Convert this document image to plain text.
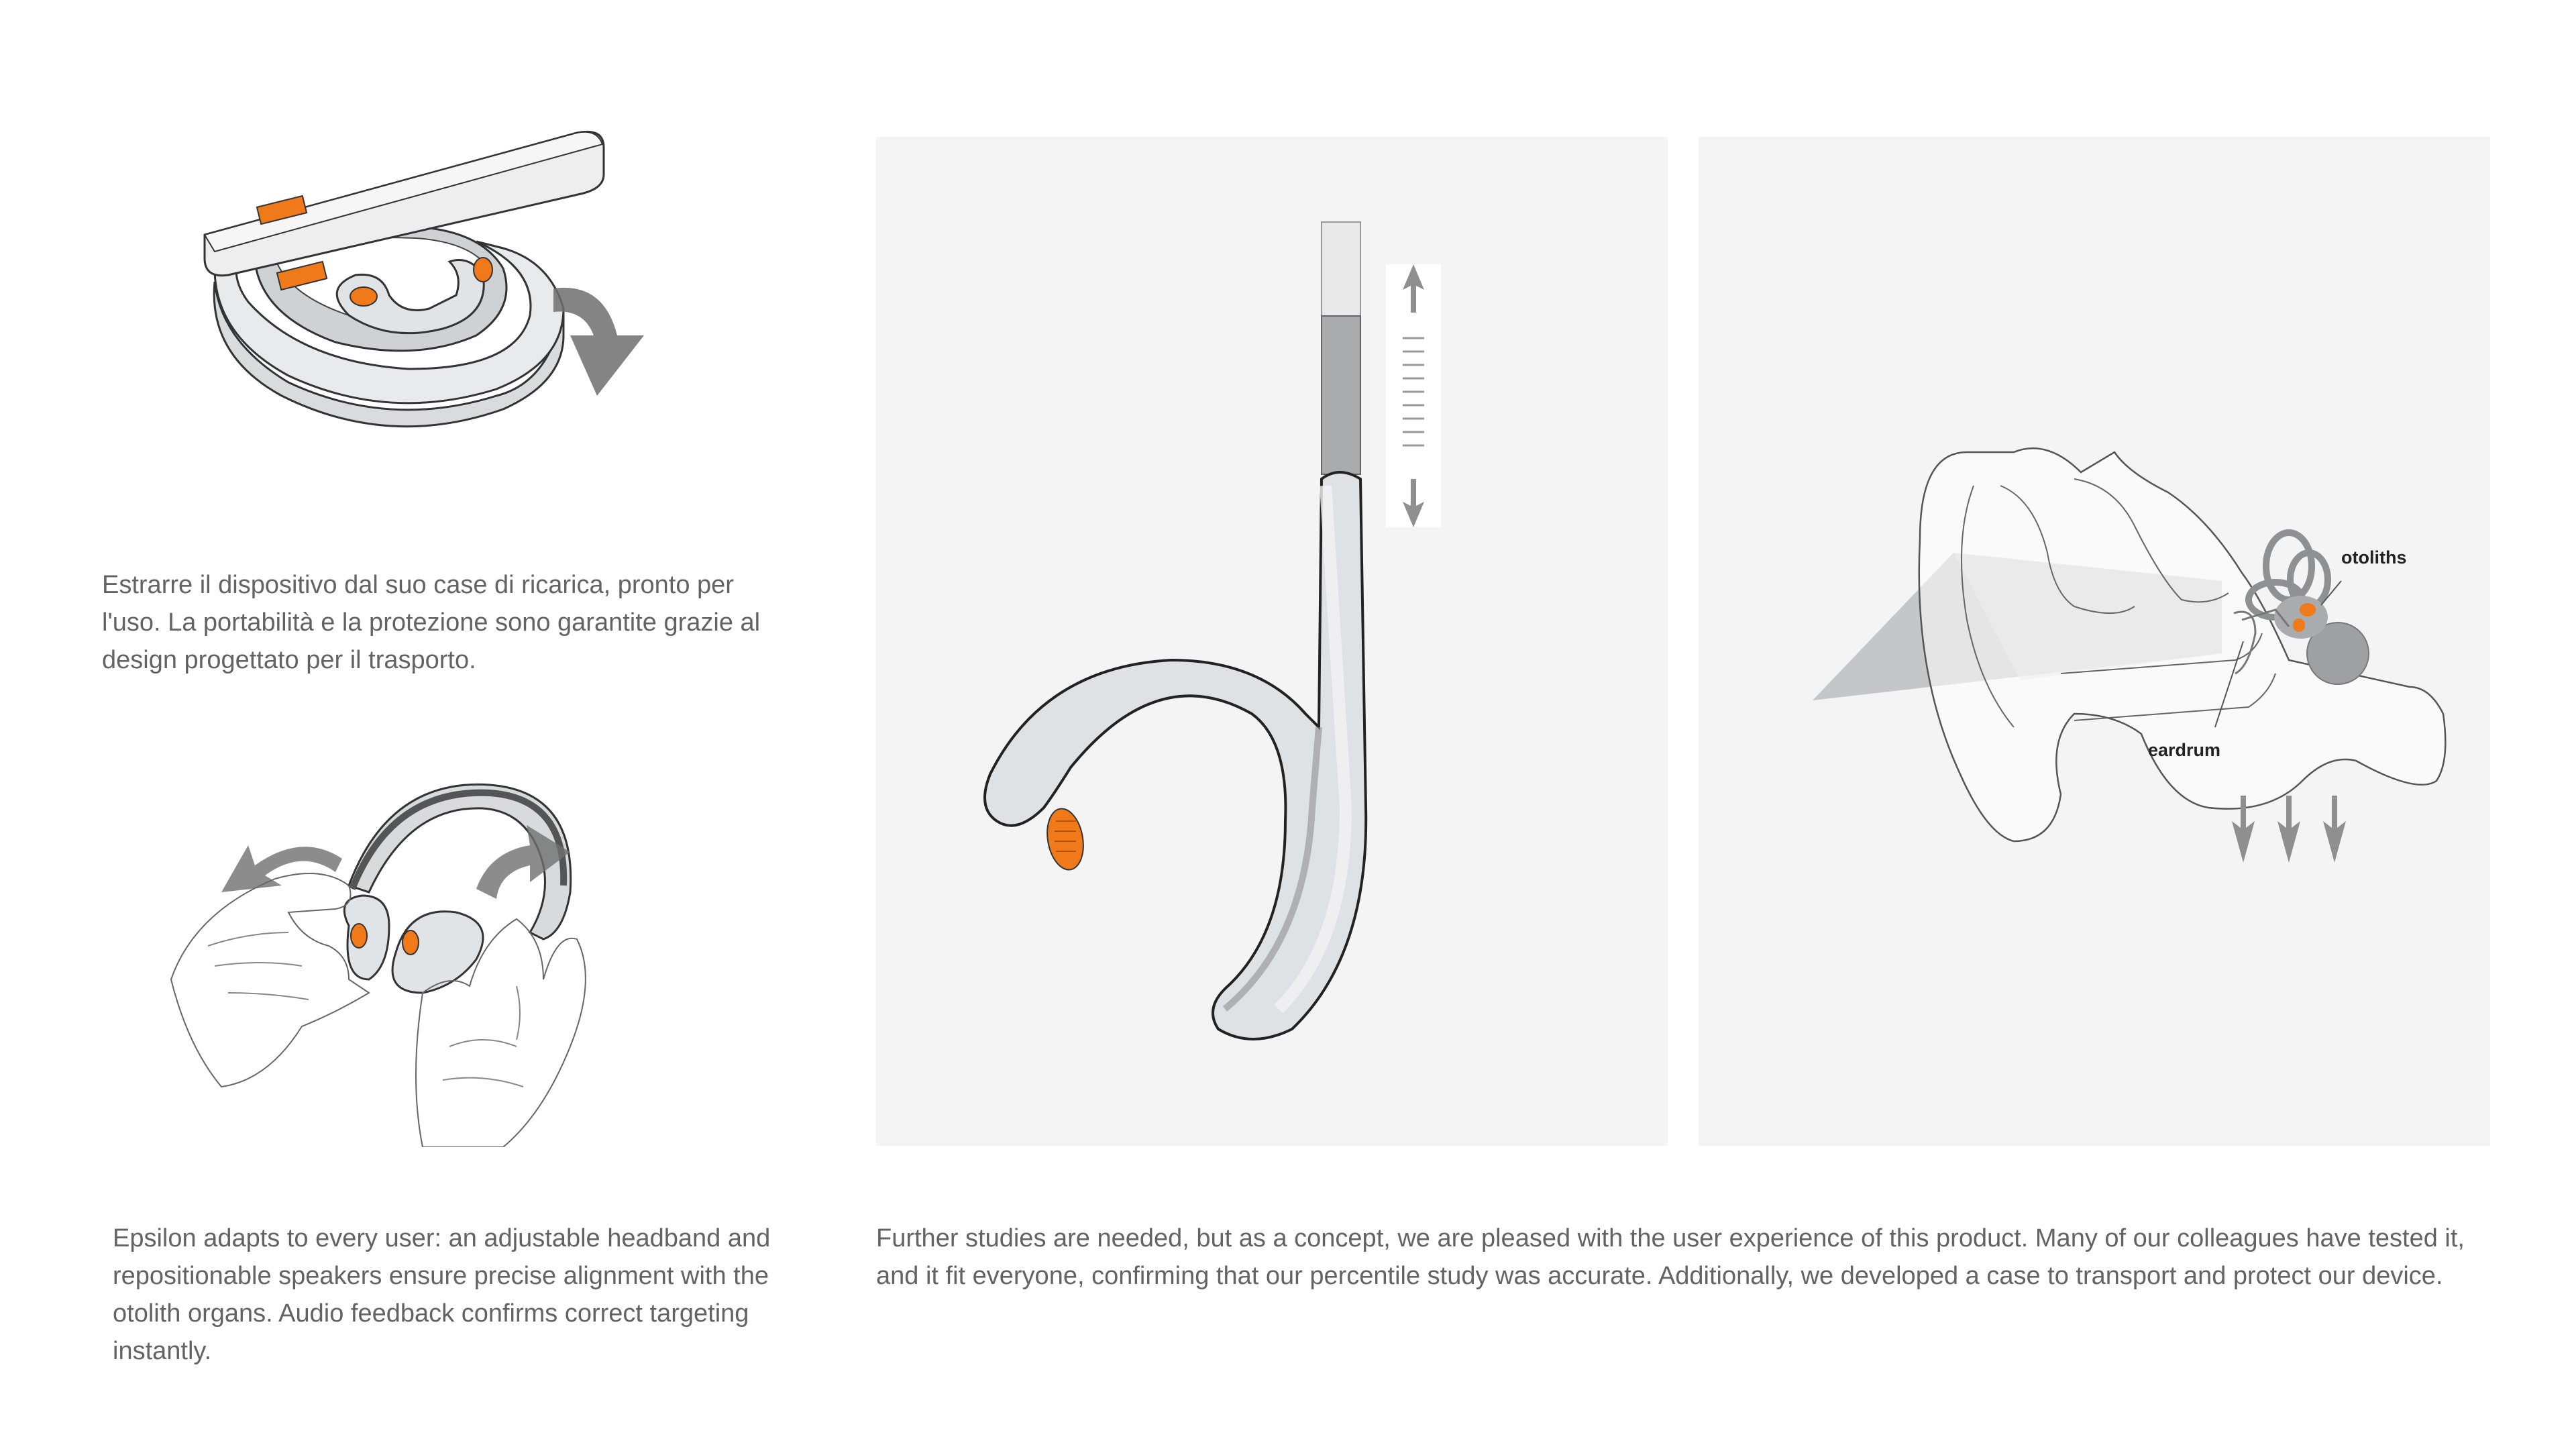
Estrarre il dispositivo dal suo case di ricarica, pronto per l'uso. La portabilità e la protezione sono garantite grazie al design progettato per il trasporto.
Epsilon adapts to every user: an adjustable headband and repositionable speakers ensure precise alignment with the otolith organs. Audio feedback confirms correct targeting instantly.
otoliths
eardrum
Further studies are needed, but as a concept, we are pleased with the user experience of this product. Many of our colleagues have tested it, and it fit everyone, confirming that our percentile study was accurate. Additionally, we developed a case to transport and protect our device.
